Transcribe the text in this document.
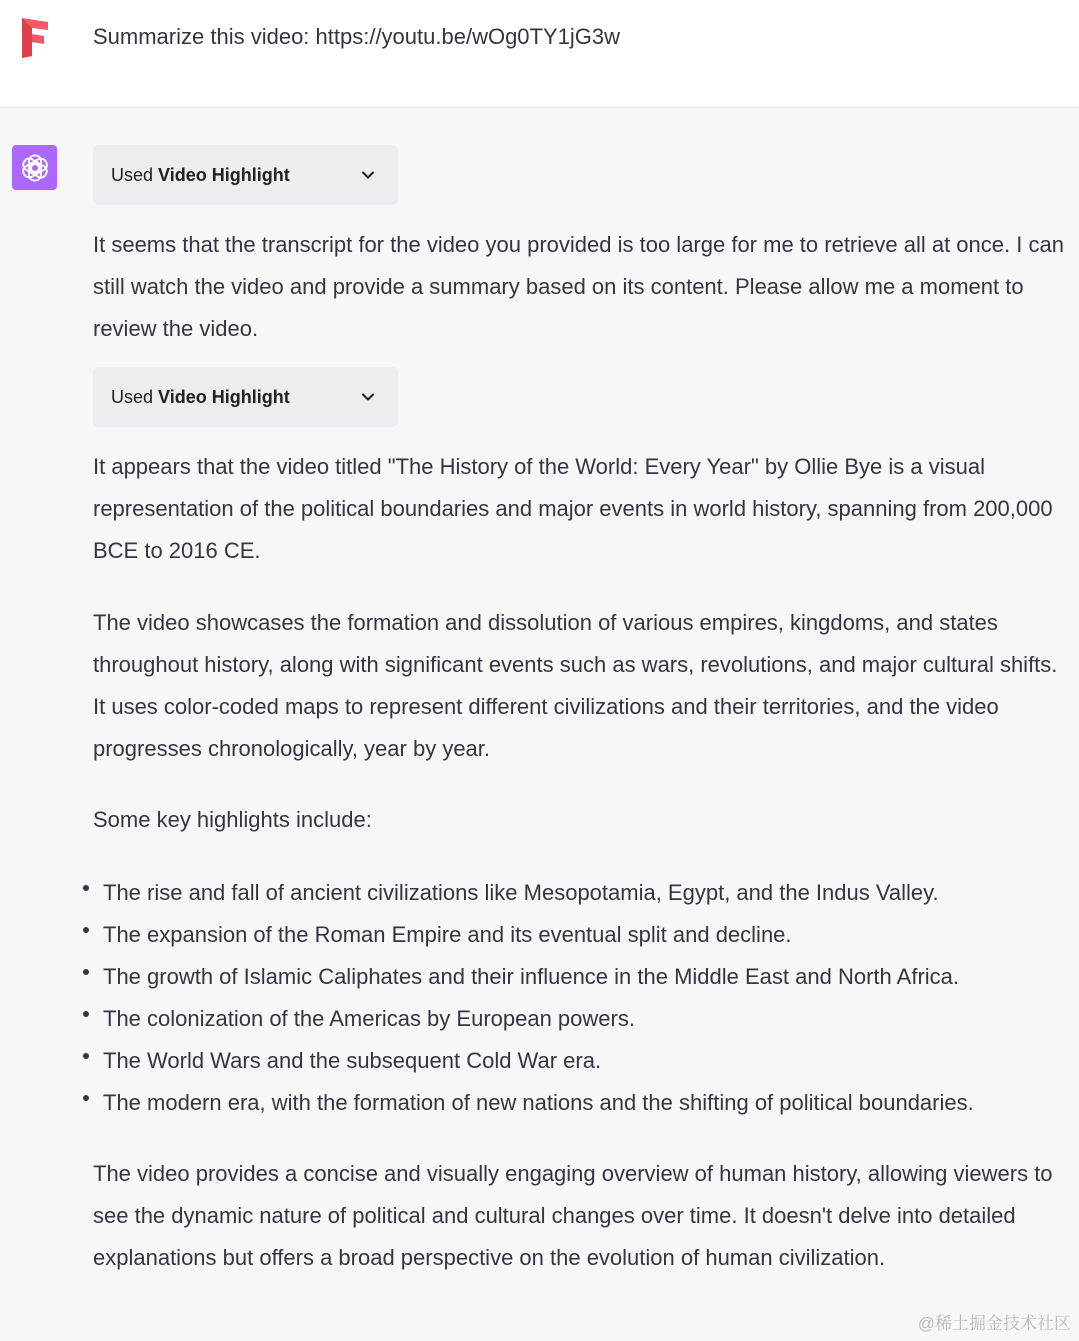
Summarize this video: https://youtu.be/wOg0TY1jG3w
Used Video Highlight
It seems that the transcript for the video you provided is too large for me to retrieve all at once. I can still watch the video and provide a summary based on its content. Please allow me a moment to review the video.
Used Video Highlight
It appears that the video titled "The History of the World: Every Year" by Ollie Bye is a visual representation of the political boundaries and major events in world history, spanning from 200,000 BCE to 2016 CE.
The video showcases the formation and dissolution of various empires, kingdoms, and states throughout history, along with significant events such as wars, revolutions, and major cultural shifts. It uses color-coded maps to represent different civilizations and their territories, and the video progresses chronologically, year by year.
Some key highlights include:
The rise and fall of ancient civilizations like Mesopotamia, Egypt, and the Indus Valley.
The expansion of the Roman Empire and its eventual split and decline.
The growth of Islamic Caliphates and their influence in the Middle East and North Africa.
The colonization of the Americas by European powers.
The World Wars and the subsequent Cold War era.
The modern era, with the formation of new nations and the shifting of political boundaries.
The video provides a concise and visually engaging overview of human history, allowing viewers to see the dynamic nature of political and cultural changes over time. It doesn't delve into detailed explanations but offers a broad perspective on the evolution of human civilization.
@稀土掘金技术社区
